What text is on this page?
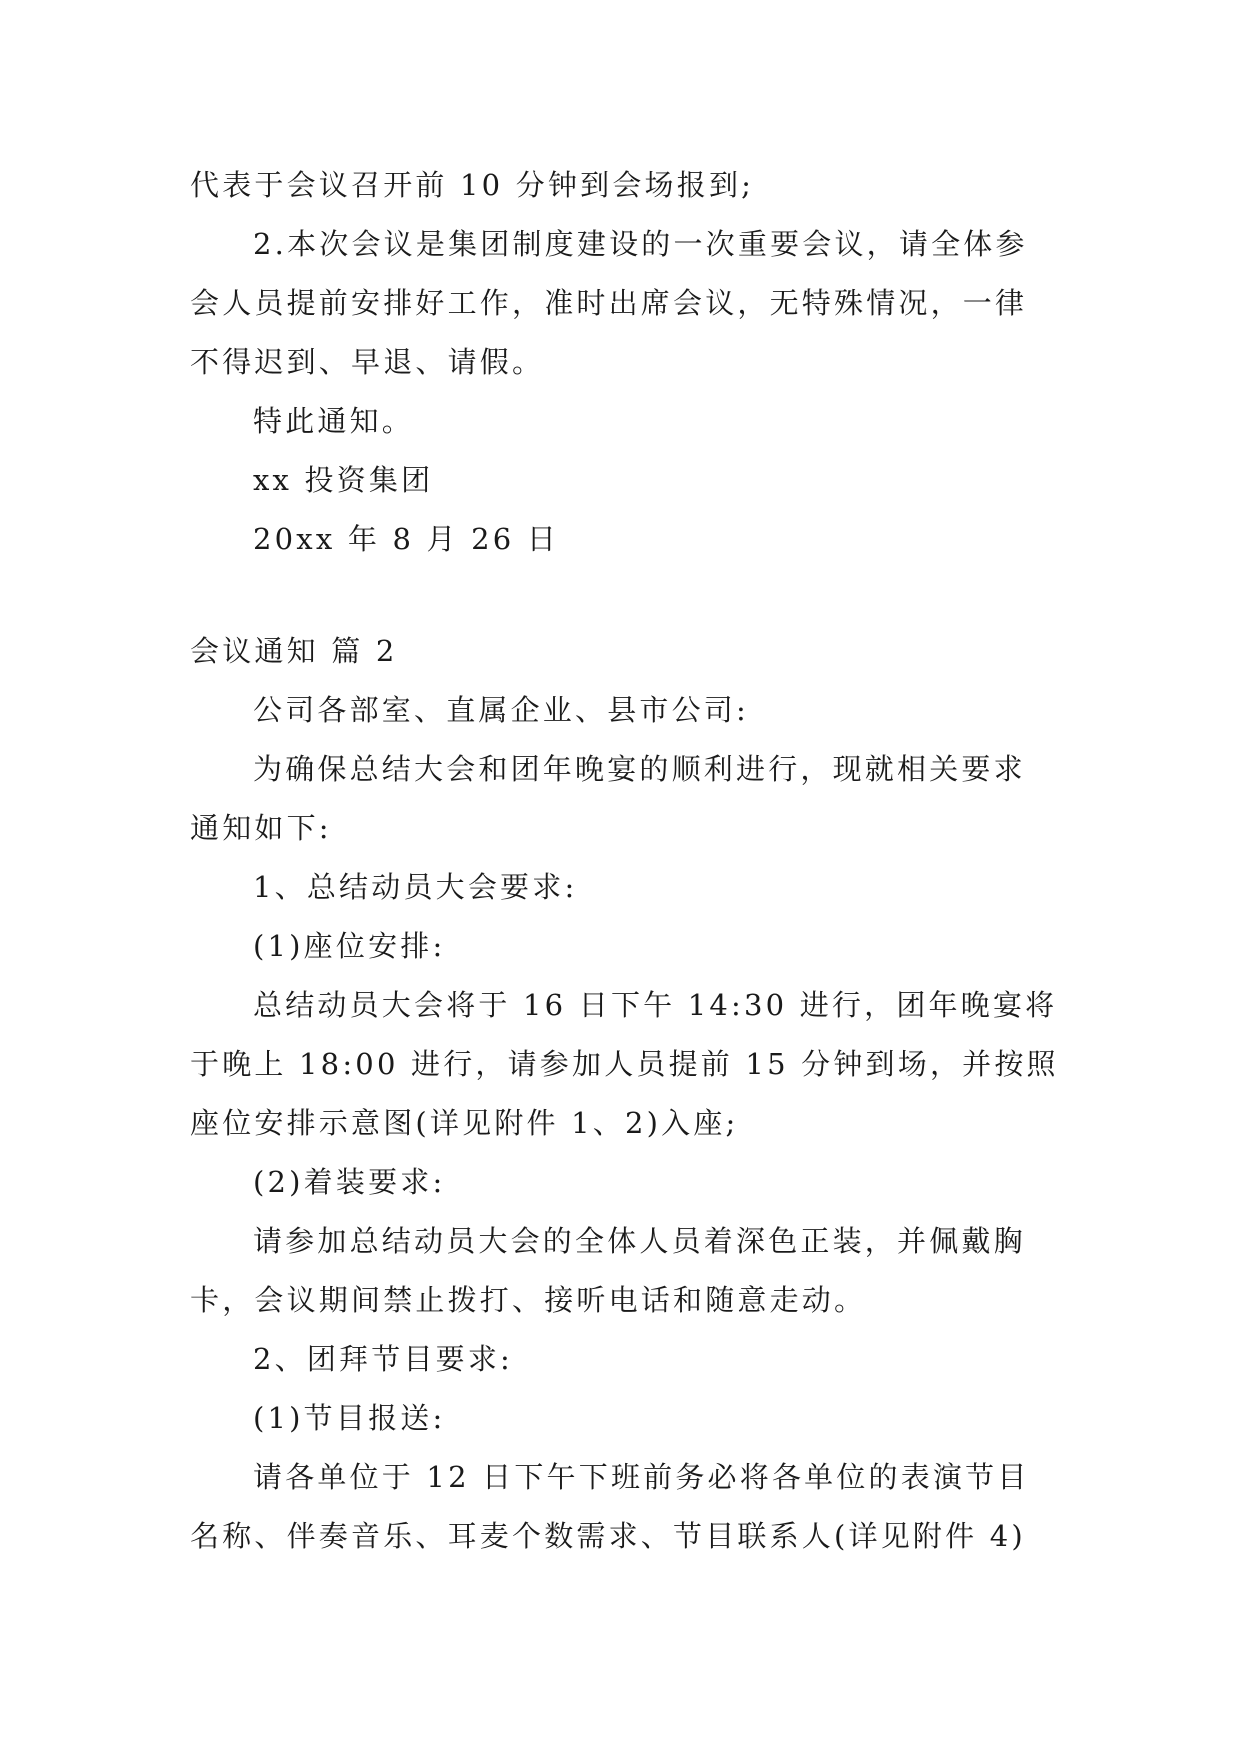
代表于会议召开前 10 分钟到会场报到;
2.本次会议是集团制度建设的一次重要会议，请全体参
会人员提前安排好工作，准时出席会议，无特殊情况，一律
不得迟到、早退、请假。
特此通知。
xx 投资集团
20xx 年 8 月 26 日
会议通知 篇 2
公司各部室、直属企业、县市公司:
为确保总结大会和团年晚宴的顺利进行，现就相关要求
通知如下:
1、总结动员大会要求:
(1)座位安排:
总结动员大会将于 16 日下午 14:30 进行，团年晚宴将
于晚上 18:00 进行，请参加人员提前 15 分钟到场，并按照
座位安排示意图(详见附件 1、2)入座;
(2)着装要求:
请参加总结动员大会的全体人员着深色正装，并佩戴胸
卡，会议期间禁止拨打、接听电话和随意走动。
2、团拜节目要求:
(1)节目报送:
请各单位于 12 日下午下班前务必将各单位的表演节目
名称、伴奏音乐、耳麦个数需求、节目联系人(详见附件 4)
